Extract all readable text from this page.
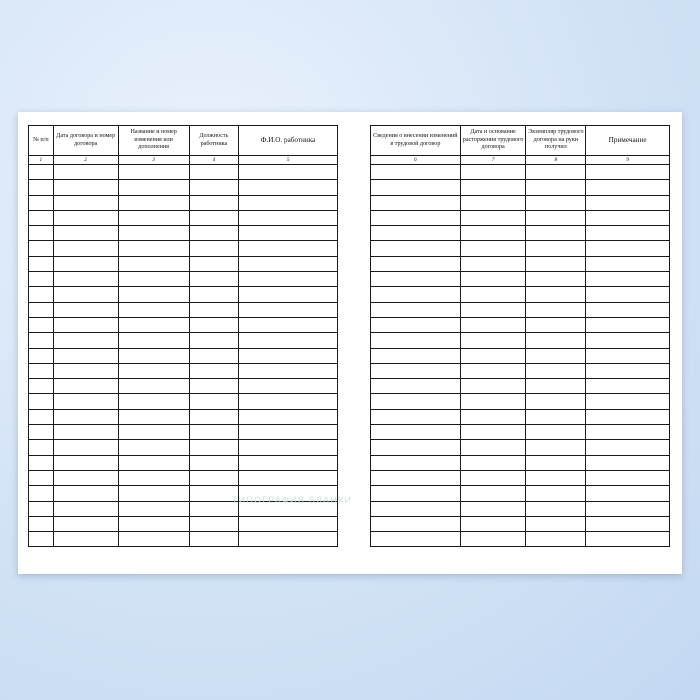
№ п/п	Дата договора и номер договора	Название и номер изменения или дополнения	Должность работника	Ф.И.О. работника
1	2	3	4	5

Сведения о внесении изменений в трудовой договор	Дата и основание расторжения трудового договора	Экземпляр трудового договора на руки получил	Примечание
6	7	8	9

ТИПОГРАФИЯ БЛАНКИ
